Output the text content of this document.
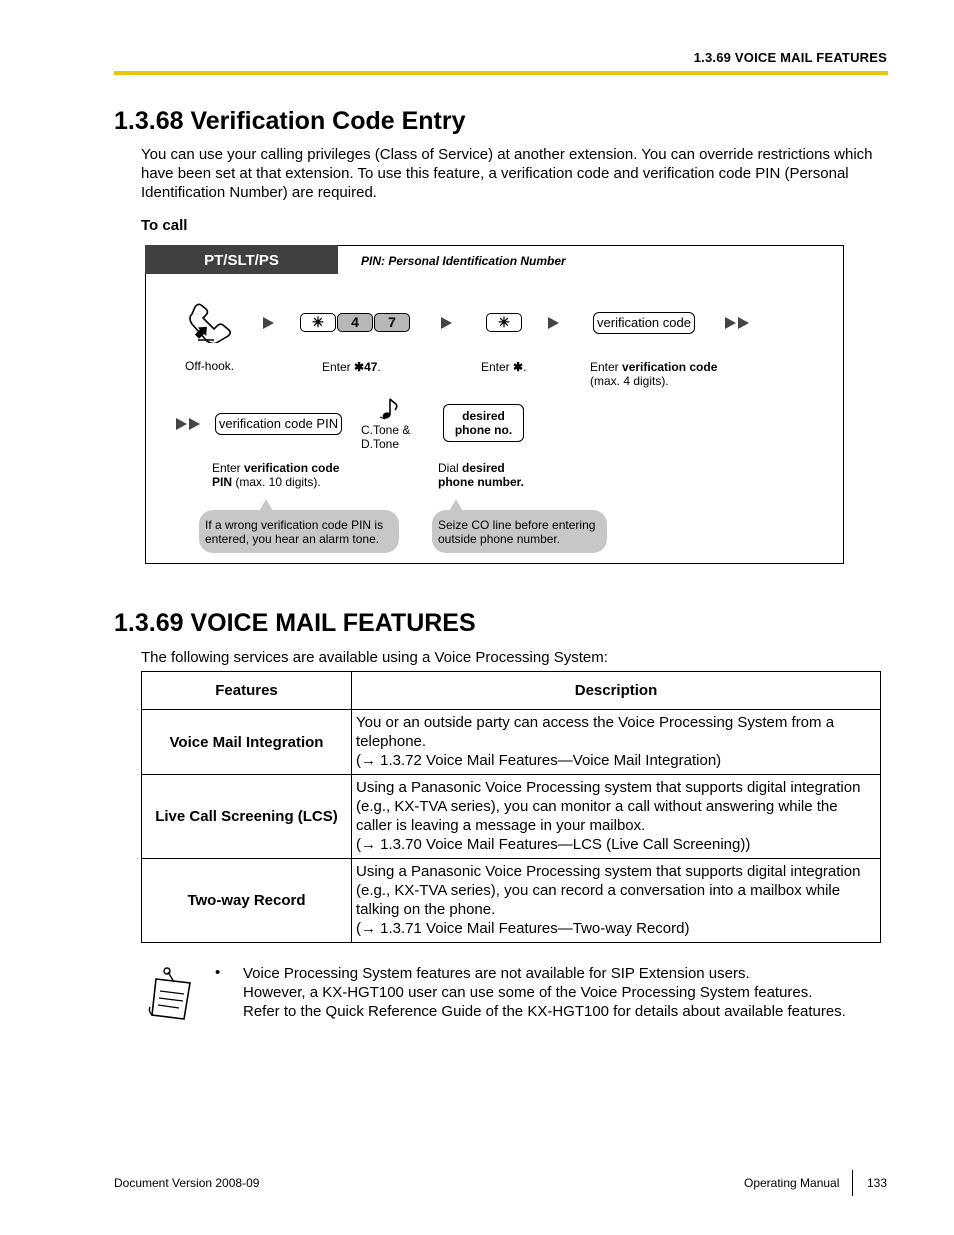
1.3.69 VOICE MAIL FEATURES
1.3.68 Verification Code Entry
You can use your calling privileges (Class of Service) at another extension. You can override restrictions which
have been set at that extension. To use this feature, a verification code and verification code PIN (Personal
Identification Number) are required.
To call
PT/SLT/PS	PIN: Personal Identification Number
✳	4	7	✳	verification code
Off-hook.	Enter ✱47.	Enter ✱.	Enter verification code
(max. 4 digits).
verification code PIN	C.Tone &
D.Tone
desired
phone no.
Enter verification code
PIN (max. 10 digits).
Dial desired
phone number.
If a wrong verification code PIN is
entered, you hear an alarm tone.
Seize CO line before entering
outside phone number.
1.3.69 VOICE MAIL FEATURES
The following services are available using a Voice Processing System:
Features	Description
Voice Mail Integration	You or an outside party can access the Voice Processing System from a
telephone.
(→ 1.3.72 Voice Mail Features—Voice Mail Integration)

Live Call Screening (LCS)	Using a Panasonic Voice Processing system that supports digital integration
(e.g., KX-TVA series), you can monitor a call without answering while the
caller is leaving a message in your mailbox.
(→ 1.3.70 Voice Mail Features—LCS (Live Call Screening))

Two-way Record	Using a Panasonic Voice Processing system that supports digital integration
(e.g., KX-TVA series), you can record a conversation into a mailbox while
talking on the phone.
(→ 1.3.71 Voice Mail Features—Two-way Record)
• Voice Processing System features are not available for SIP Extension users.
However, a KX-HGT100 user can use some of the Voice Processing System features.
Refer to the Quick Reference Guide of the KX-HGT100 for details about available features.
Document Version 2008-09	Operating Manual 133
